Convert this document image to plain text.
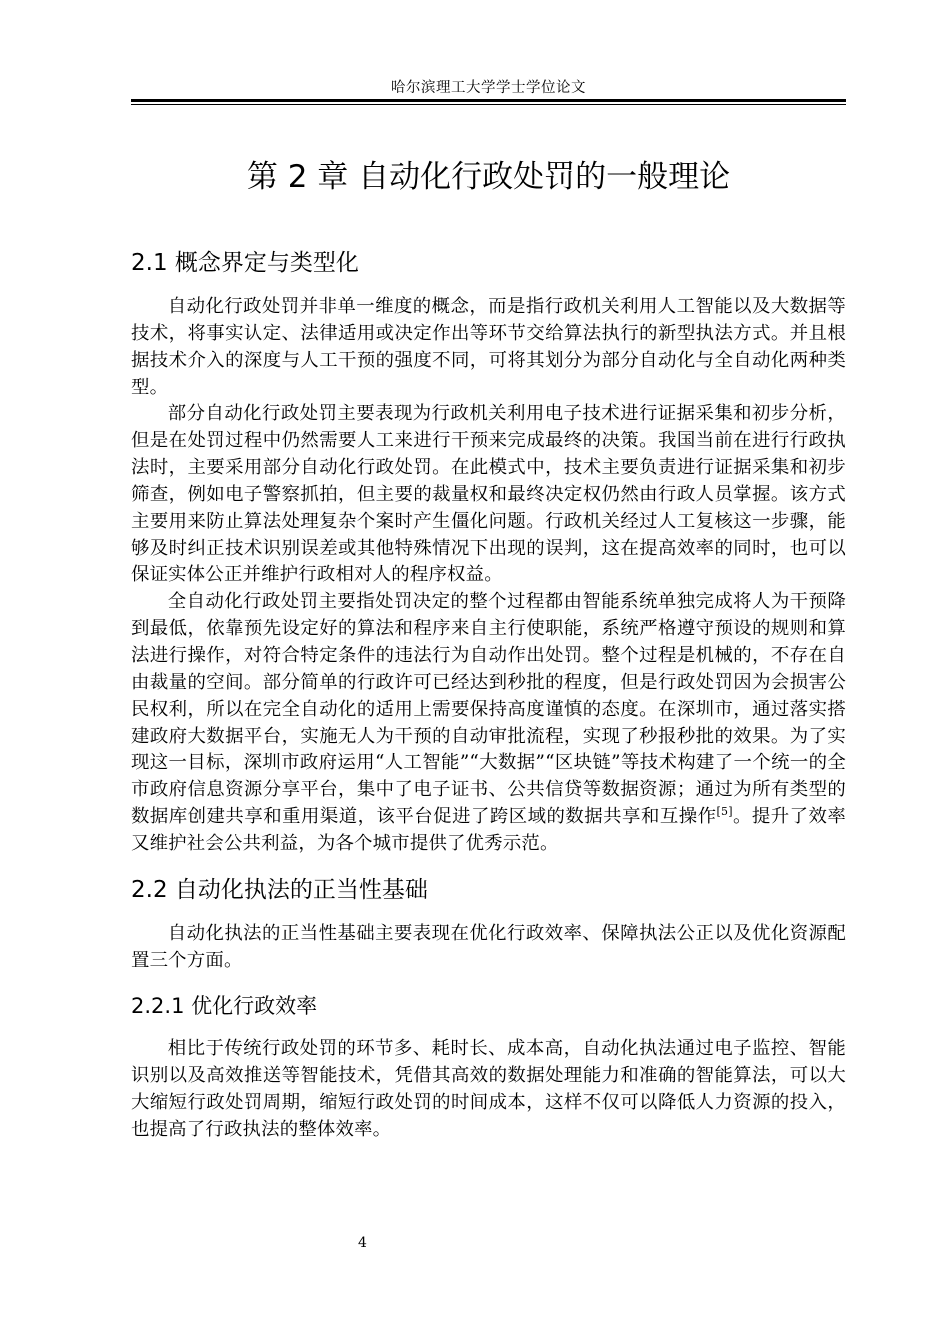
哈尔滨理工大学学士学位论文
第 2 章 自动化行政处罚的一般理论
2.1 概念界定与类型化

自动化行政处罚并非单一维度的概念，而是指行政机关利用人工智能以及大数据等技术，将事实认定、法律适用或决定作出等环节交给算法执行的新型执法方式。并且根据技术介入的深度与人工干预的强度不同，可将其划分为部分自动化与全自动化两种类型。

部分自动化行政处罚主要表现为行政机关利用电子技术进行证据采集和初步分析，但是在处罚过程中仍然需要人工来进行干预来完成最终的决策。我国当前在进行行政执法时，主要采用部分自动化行政处罚。在此模式中，技术主要负责进行证据采集和初步筛查，例如电子警察抓拍，但主要的裁量权和最终决定权仍然由行政人员掌握。该方式主要用来防止算法处理复杂个案时产生僵化问题。行政机关经过人工复核这一步骤，能够及时纠正技术识别误差或其他特殊情况下出现的误判，这在提高效率的同时，也可以保证实体公正并维护行政相对人的程序权益。

全自动化行政处罚主要指处罚决定的整个过程都由智能系统单独完成将人为干预降到最低，依靠预先设定好的算法和程序来自主行使职能，系统严格遵守预设的规则和算法进行操作，对符合特定条件的违法行为自动作出处罚。整个过程是机械的，不存在自由裁量的空间。部分简单的行政许可已经达到秒批的程度，但是行政处罚因为会损害公民权利，所以在完全自动化的适用上需要保持高度谨慎的态度。在深圳市，通过落实搭建政府大数据平台，实施无人为干预的自动审批流程，实现了秒报秒批的效果。为了实现这一目标，深圳市政府运用“人工智能”“大数据”“区块链”等技术构建了一个统一的全市政府信息资源分享平台，集中了电子证书、公共信贷等数据资源；通过为所有类型的数据库创建共享和重用渠道，该平台促进了跨区域的数据共享和互操作[5]。提升了效率又维护社会公共利益，为各个城市提供了优秀示范。

2.2 自动化执法的正当性基础

自动化执法的正当性基础主要表现在优化行政效率、保障执法公正以及优化资源配置三个方面。

2.2.1 优化行政效率

相比于传统行政处罚的环节多、耗时长、成本高，自动化执法通过电子监控、智能识别以及高效推送等智能技术，凭借其高效的数据处理能力和准确的智能算法，可以大大缩短行政处罚周期，缩短行政处罚的时间成本，这样不仅可以降低人力资源的投入，也提高了行政执法的整体效率。

4
